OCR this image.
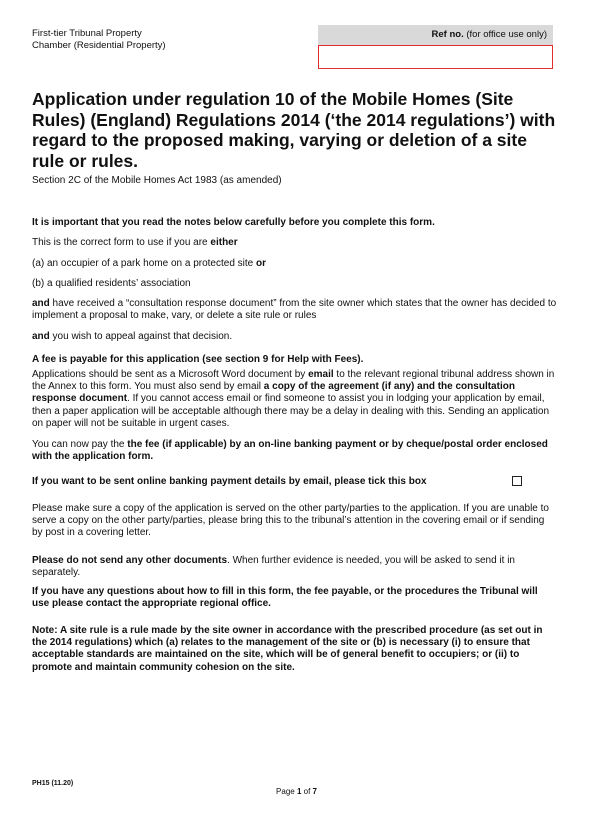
First-tier Tribunal Property
Chamber (Residential Property)
Ref no. (for office use only)
Application under regulation 10 of the Mobile Homes (Site Rules) (England) Regulations 2014 (‘the 2014 regulations’) with regard to the proposed making, varying or deletion of a site rule or rules.
Section 2C of the Mobile Homes Act 1983 (as amended)
It is important that you read the notes below carefully before you complete this form.
This is the correct form to use if you are either
(a) an occupier of a park home on a protected site or
(b) a qualified residents’ association
and have received a “consultation response document” from the site owner which states that the owner has decided to implement a proposal to make, vary, or delete a site rule or rules
and you wish to appeal against that decision.
A fee is payable for this application (see section 9 for Help with Fees).
Applications should be sent as a Microsoft Word document by email to the relevant regional tribunal address shown in the Annex to this form. You must also send by email a copy of the agreement (if any) and the consultation response document. If you cannot access email or find someone to assist you in lodging your application by email, then a paper application will be acceptable although there may be a delay in dealing with this. Sending an application on paper will not be suitable in urgent cases.
You can now pay the the fee (if applicable) by an on-line banking payment or by cheque/postal order enclosed with the application form.
If you want to be sent online banking payment details by email, please tick this box
Please make sure a copy of the application is served on the other party/parties to the application. If you are unable to serve a copy on the other party/parties, please bring this to the tribunal’s attention in the covering email or if sending by post in a covering letter.
Please do not send any other documents. When further evidence is needed, you will be asked to send it in separately.
If you have any questions about how to fill in this form, the fee payable, or the procedures the Tribunal will use please contact the appropriate regional office.
Note: A site rule is a rule made by the site owner in accordance with the prescribed procedure (as set out in the 2014 regulations) which (a) relates to the management of the site or (b) is necessary (i) to ensure that acceptable standards are maintained on the site, which will be of general benefit to occupiers; or (ii) to promote and maintain community cohesion on the site.
PH15 (11.20)
Page 1 of 7
